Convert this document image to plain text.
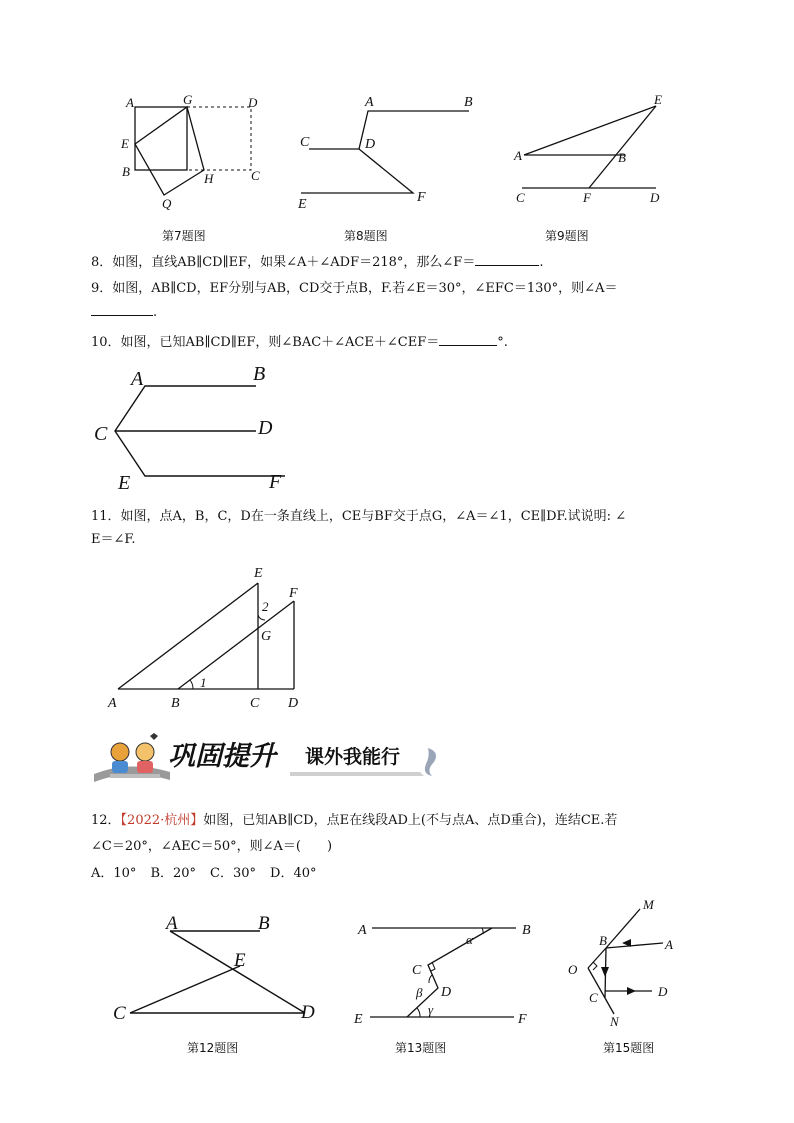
A	G	D
E
B	H	C
Q
第7题图
A	B
C	D
E	F
第8题图
E
A	B
C	F	D
第9题图
8．如图，直线AB∥CD∥EF，如果∠A＋∠ADF＝218°，那么∠F＝	.
9．如图，AB∥CD，EF分别与AB，CD交于点B，F.若∠E＝30°，∠EFC＝130°，则∠A＝
.
10．如图，已知AB∥CD∥EF，则∠BAC＋∠ACE＋∠CEF＝	°.
A	B
C	D
E	F
11．如图，点A，B，C，D在一条直线上，CE与BF交于点G，∠A＝∠1，CE∥DF.试说明: ∠
E＝∠F.
E
F
2
G
1
A	B	C D
巩固提升 课外我能行
12．【2022·杭州】如图，已知AB∥CD，点E在线段AD上(不与点A、点D重合)，连结CE.若
∠C＝20°，∠AEC＝50°，则∠A＝(　　)
A．10° B．20° C．30° D．40°
A	B
E
C	D
第12题图
A	B
α
C
β D
γ
E	F
第13题图
M
B	A
O
C	D
N
第15题图
